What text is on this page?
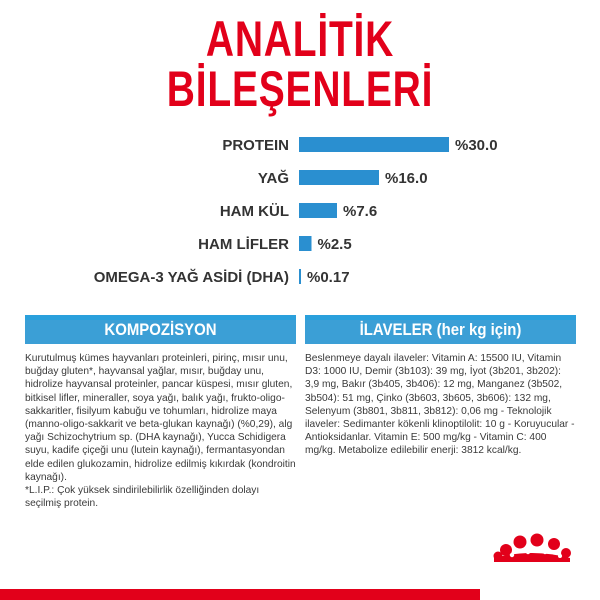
ANALİTİK
BİLEŞENLERİ
PROTEIN	%30.0
YAĞ	%16.0
HAM KÜL	%7.6
HAM LİFLER %2.5
OMEGA-3 YAĞ ASİDİ (DHA) %0.17
KOMPOZİSYON

Kurutulmuş kümes hayvanları proteinleri, pirinç, mısır unu, buğday gluten*, hayvansal yağlar, mısır, buğday unu, hidrolize hayvansal proteinler, pancar küspesi, mısır gluten, bitkisel lifler, mineraller, soya yağı, balık yağı, frukto-oligo-sakkaritler, fisilyum kabuğu ve tohumları, hidrolize maya (manno-oligo-sakkarit ve beta-glukan kaynağı) (%0,29), alg yağı Schizochytrium sp. (DHA kaynağı), Yucca Schidigera suyu, kadife çiçeği unu (lutein kaynağı), fermantasyondan elde edilen glukozamin, hidrolize edilmiş kıkırdak (kondroitin kaynağı).

*L.I.P.: Çok yüksek sindirilebilirlik özelliğinden dolayı seçilmiş protein.

İLAVELER (her kg için)

Beslenmeye dayalı ilaveler: Vitamin A: 15500 IU, Vitamin D3: 1000 IU, Demir (3b103): 39 mg, İyot (3b201, 3b202): 3,9 mg, Bakır (3b405, 3b406): 12 mg, Manganez (3b502, 3b504): 51 mg, Çinko (3b603, 3b605, 3b606): 132 mg, Selenyum (3b801, 3b811, 3b812): 0,06 mg - Teknolojik ilaveler: Sedimanter kökenli klinoptilolit: 10 g - Koruyucular - Antioksidanlar. Vitamin E: 500 mg/kg - Vitamin C: 400 mg/kg. Metabolize edilebilir enerji: 3812 kcal/kg.
